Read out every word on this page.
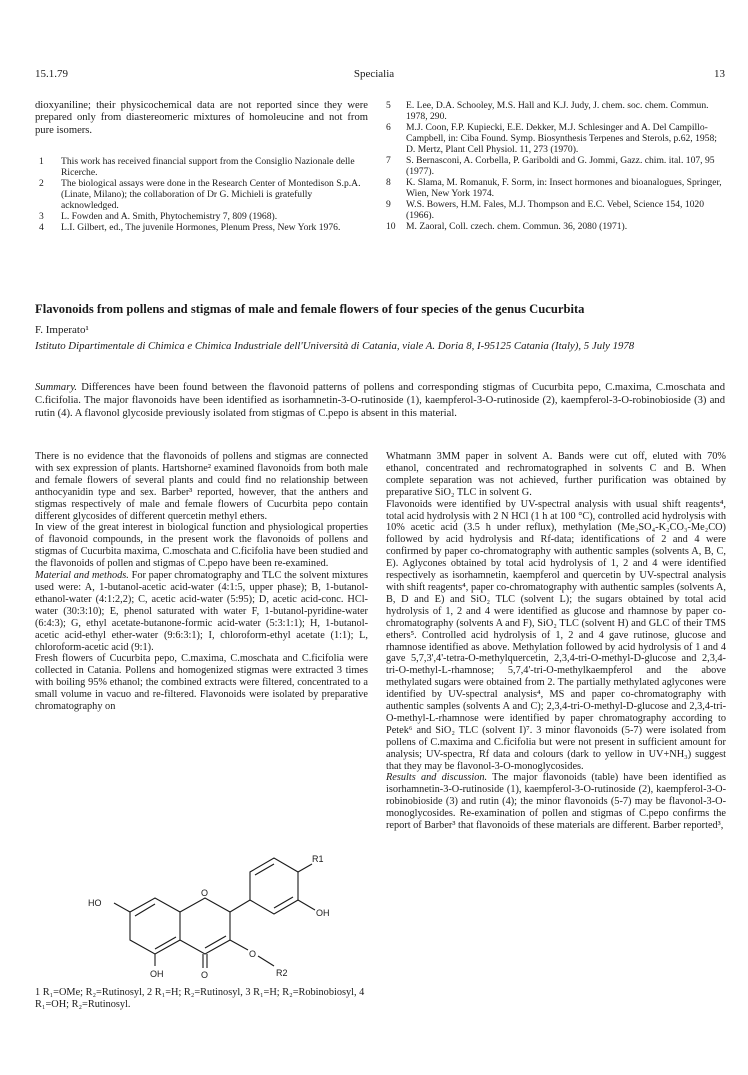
15.1.79	Specialia	13

dioxyaniline; their physicochemical data are not reported since they were prepared only from diastereomeric mixtures of homoleucine and not from pure isomers.

1	This work has received financial support from the Consiglio Nazionale delle Ricerche.
2	The biological assays were done in the Research Center of Montedison S.p.A. (Linate, Milano); the collaboration of Dr G. Michieli is gratefully acknowledged.
3	L. Fowden and A. Smith, Phytochemistry 7, 809 (1968).
4	L.I. Gilbert, ed., The juvenile Hormones, Plenum Press, New York 1976.
5	E. Lee, D.A. Schooley, M.S. Hall and K.J. Judy, J. chem. soc. chem. Commun. 1978, 290.
6	M.J. Coon, F.P. Kupiecki, E.E. Dekker, M.J. Schlesinger and A. Del Campillo-Campbell, in: Ciba Found. Symp. Biosynthesis Terpenes and Sterols, p.62, 1958; D. Mertz, Plant Cell Physiol. 11, 273 (1970).
7	S. Bernasconi, A. Corbella, P. Gariboldi and G. Jommi, Gazz. chim. ital. 107, 95 (1977).
8	K. Slama, M. Romanuk, F. Sorm, in: Insect hormones and bioanalogues, Springer, Wien, New York 1974.
9	W.S. Bowers, H.M. Fales, M.J. Thompson and E.C. Vebel, Science 154, 1020 (1966).
10	M. Zaoral, Coll. czech. chem. Commun. 36, 2080 (1971).
Flavonoids from pollens and stigmas of male and female flowers of four species of the genus Cucurbita
F. Imperato¹
Istituto Dipartimentale di Chimica e Chimica Industriale dell'Università di Catania, viale A. Doria 8, I-95125 Catania (Italy), 5 July 1978
Summary. Differences have been found between the flavonoid patterns of pollens and corresponding stigmas of Cucurbita pepo, C.maxima, C.moschata and C.ficifolia. The major flavonoids have been identified as isorhamnetin-3-O-rutinoside (1), kaempferol-3-O-rutinoside (2), kaempferol-3-O-robinobioside (3) and rutin (4). A flavonol glycoside previously isolated from stigmas of C.pepo is absent in this material.

There is no evidence that the flavonoids of pollens and stigmas are connected with sex expression of plants. Hartshorne² examined flavonoids from both male and female flowers of several plants and could find no relationship between anthocyanidin type and sex. Barber³ reported, however, that the anthers and stigmas respectively of male and female flowers of Cucurbita pepo contain different glycosides of different quercetin methyl ethers.

In view of the great interest in biological function and physiological properties of flavonoid compounds, in the present work the flavonoids of pollens and stigmas of Cucurbita maxima, C.moschata and C.ficifolia have been studied and the flavonoids of pollen and stigmas of C.pepo have been re-examined.

Material and methods. For paper chromatography and TLC the solvent mixtures used were: A, 1-butanol-acetic acid-water (4:1:5, upper phase); B, 1-butanol-ethanol-water (4:1:2,2); C, acetic acid-water (5:95); D, acetic acid-conc. HCl-water (30:3:10); E, phenol saturated with water F, 1-butanol-pyridine-water (6:4:3); G, ethyl acetate-butanone-formic acid-water (5:3:1:1); H, 1-butanol-acetic acid-ethyl ether-water (9:6:3:1); I, chloroform-ethyl acetate (1:1); L, chloroform-acetic acid (9:1).

Fresh flowers of Cucurbita pepo, C.maxima, C.moschata and C.ficifolia were collected in Catania. Pollens and homogenized stigmas were extracted 3 times with boiling 95% ethanol; the combined extracts were filtered, concentrated to a small volume in vacuo and re-filtered. Flavonoids were isolated by preparative chromatography on

HO
OH
O
O
O
R2
OH
R1
1 R₁=OMe; R₂=Rutinosyl, 2 R₁=H; R₂=Rutinosyl, 3 R₁=H; R₂=Robinobiosyl, 4 R₁=OH; R₂=Rutinosyl.

Whatmann 3MM paper in solvent A. Bands were cut off, eluted with 70% ethanol, concentrated and rechromatographed in solvents C and B. When complete separation was not achieved, further purification was obtained by preparative SiO₂ TLC in solvent G.

Flavonoids were identified by UV-spectral analysis with usual shift reagents⁴, total acid hydrolysis with 2 N HCl (1 h at 100 °C), controlled acid hydrolysis with 10% acetic acid (3.5 h under reflux), methylation (Me₂SO₄-K₂CO₃-Me₂CO) followed by acid hydrolysis and Rf-data; identifications of 2 and 4 were confirmed by paper co-chromatography with authentic samples (solvents A, B, C, E). Aglycones obtained by total acid hydrolysis of 1, 2 and 4 were identified respectively as isorhamnetin, kaempferol and quercetin by UV-spectral analysis with shift reagents⁴, paper co-chromatography with authentic samples (solvents A, B, D and E) and SiO₂ TLC (solvent L); the sugars obtained by total acid hydrolysis of 1, 2 and 4 were identified as glucose and rhamnose by paper co-chromatography (solvents A and F), SiO₂ TLC (solvent H) and GLC of their TMS ethers⁵. Controlled acid hydrolysis of 1, 2 and 4 gave rutinose, glucose and rhamnose identified as above. Methylation followed by acid hydrolysis of 1 and 4 gave 5,7,3',4'-tetra-O-methylquercetin, 2,3,4-tri-O-methyl-D-glucose and 2,3,4-tri-O-methyl-L-rhamnose; 5,7,4'-tri-O-methylkaempferol and the above methylated sugars were obtained from 2. The partially methylated aglycones were identified by UV-spectral analysis⁴, MS and paper co-chromatography with authentic samples (solvents A and C); 2,3,4-tri-O-methyl-D-glucose and 2,3,4-tri-O-methyl-L-rhamnose were identified by paper chromatography according to Petek⁶ and SiO₂ TLC (solvent I)⁷. 3 minor flavonoids (5-7) were isolated from pollens of C.maxima and C.ficifolia but were not present in sufficient amount for analysis; UV-spectra, Rf data and colours (dark to yellow in UV+NH₃) suggest that they may be flavonol-3-O-monoglycosides.

Results and discussion. The major flavonoids (table) have been identified as isorhamnetin-3-O-rutinoside (1), kaempferol-3-O-rutinoside (2), kaempferol-3-O-robinobioside (3) and rutin (4); the minor flavonoids (5-7) may be flavonol-3-O-monoglycosides. Re-examination of pollen and stigmas of C.pepo confirms the report of Barber³ that flavonoids of these materials are different. Barber reported³,
